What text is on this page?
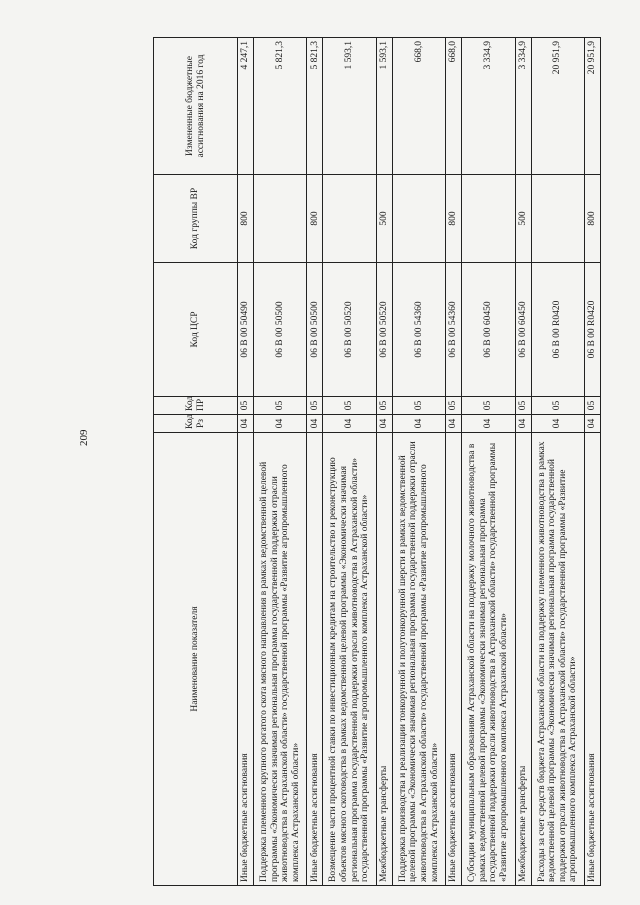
209
Наименование показателя	Код Рз	Код ПР	Код ЦСР	Код группы ВР	Измененные бюджетные ассигнования на 2016 год
Иные бюджетные ассигнования	04	05	06 В 00 50490	800	4 247,1
Поддержка племенного крупного рогатого скота мясного направления в рамках ведомственной целевой программы «Экономически значимая региональная программа государственной поддержки отрасли животноводства в Астраханской области» государственной программы «Развитие агропромышленного комплекса Астраханской области»	04	05	06 В 00 50500		5 821,3
Иные бюджетные ассигнования	04	05	06 В 00 50500	800	5 821,3
Возмещение части процентной ставки по инвестиционным кредитам на строительство и реконструкцию объектов мясного скотоводства в рамках ведомственной целевой программы «Экономически значимая региональная программа государственной поддержки отрасли животноводства в Астраханской области» государственной программы «Развитие агропромышленного комплекса Астраханской области»	04	05	06 В 00 50520		1 593,1
Межбюджетные трансферты	04	05	06 В 00 50520	500	1 593,1
Поддержка производства и реализации тонкорунной и полутонкорунной шерсти в рамках ведомственной целевой программы «Экономически значимая региональная программа государственной поддержки отрасли животноводства в Астраханской области» государственной программы «Развитие агропромышленного комплекса Астраханской области»	04	05	06 В 00 54360		668,0
Иные бюджетные ассигнования	04	05	06 В 00 54360	800	668,0
Субсидии муниципальным образованиям Астраханской области на поддержку молочного животноводства в рамках ведомственной целевой программы «Экономически значимая региональная программа государственной поддержки отрасли животноводства в Астраханской области» государственной программы «Развитие агропромышленного комплекса Астраханской области»	04	05	06 В 00 60450		3 334,9
Межбюджетные трансферты	04	05	06 В 00 60450	500	3 334,9
Расходы за счет средств бюджета Астраханской области на поддержку племенного животноводства в рамках ведомственной целевой программы «Экономически значимая региональная программа государственной поддержки отрасли животноводства в Астраханской области» государственной программы «Развитие агропромышленного комплекса Астраханской области»	04	05	06 В 00 R0420		20 951,9
Иные бюджетные ассигнования	04	05	06 В 00 R0420	800	20 951,9
